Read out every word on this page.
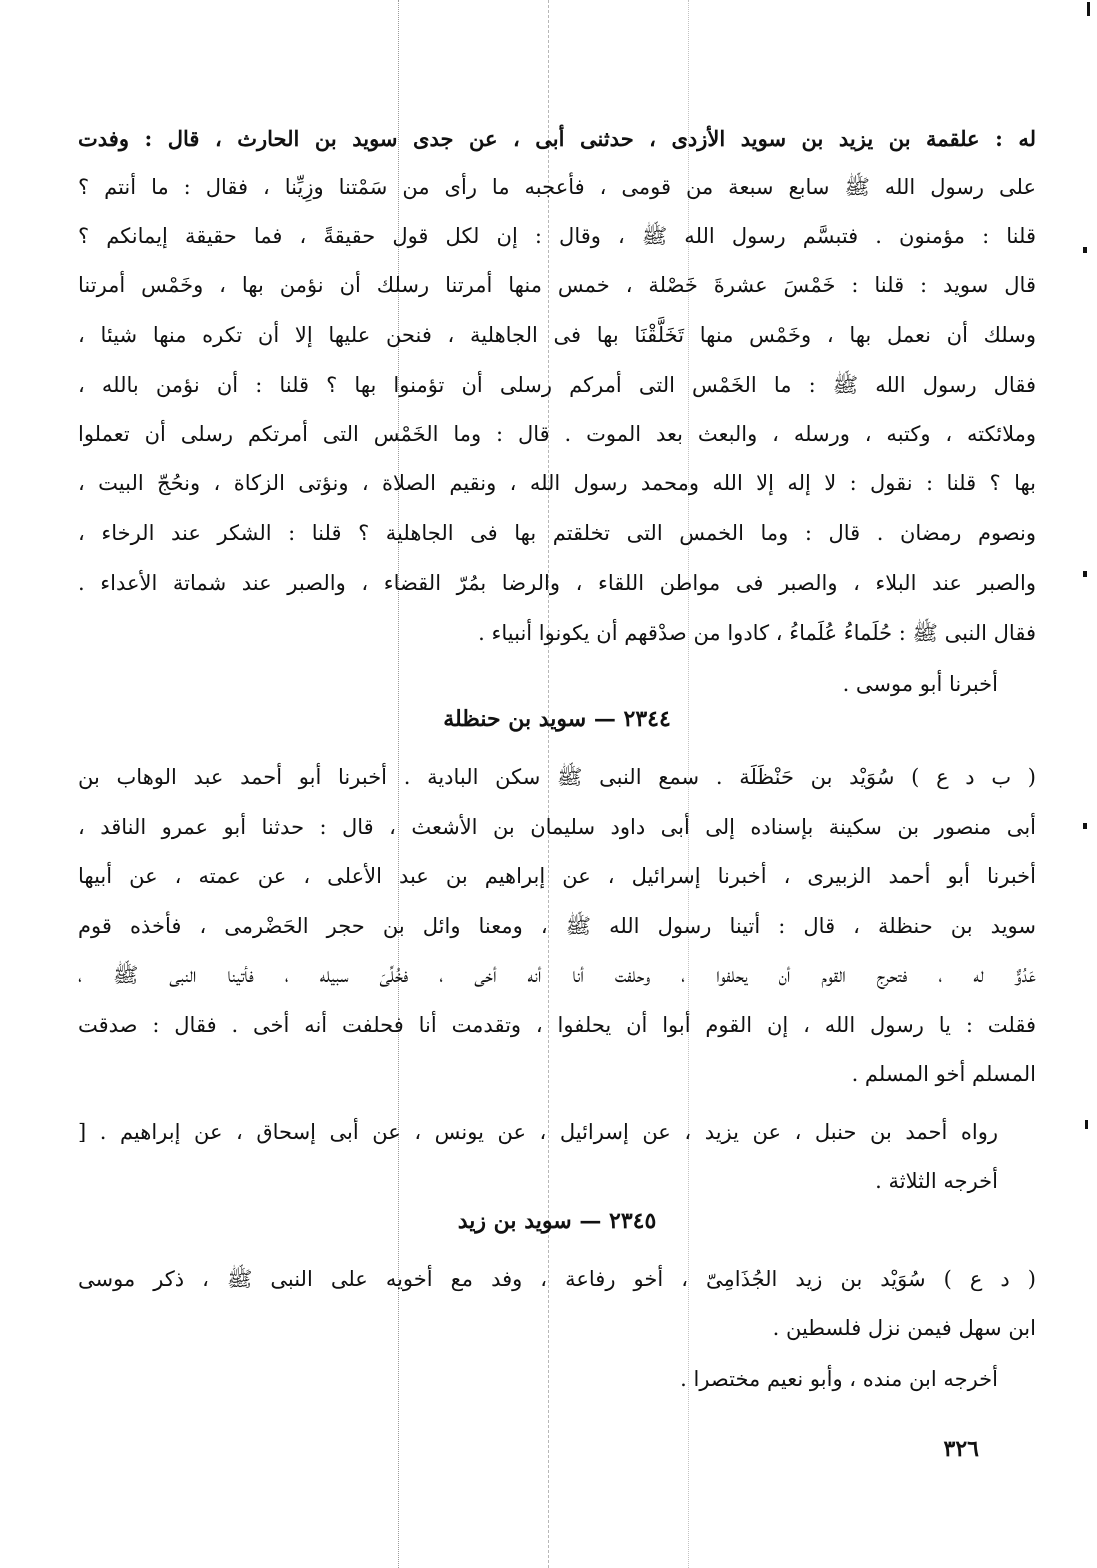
له : علقمة بن يزيد بن سويد الأزدى ، حدثنى أبى ، عن جدى سويد بن الحارث ، قال : وفدت
على رسول الله ﷺ سابع سبعة من قومى ، فأعجبه ما رأى من سَمْتنا وزِيِّنا ، فقال : ما أنتم ؟
قلنا : مؤمنون . فتبسَّم رسول الله ﷺ ، وقال : إن لكل قول حقيقةً ، فما حقيقة إيمانكم ؟
قال سويد : قلنا : خَمْسَ عشرةَ خَصْلة ، خمس منها أمرتنا رسلك أن نؤمن بها ، وخَمْس أمرتنا
وسلك أن نعمل بها ، وخَمْس منها تَخَلَّقْنَا بها فى الجاهلية ، فنحن عليها إلا أن تكره منها شيئا ،
فقال رسول الله ﷺ : ما الخَمْس التى أمركم رسلى أن تؤمنوا بها ؟ قلنا : أن نؤمن بالله ،
وملائكته ، وكتبه ، ورسله ، والبعث بعد الموت . قال : وما الخَمْس التى أمرتكم رسلى أن تعملوا
بها ؟ قلنا : نقول : لا إله إلا الله ومحمد رسول الله ، ونقيم الصلاة ، ونؤتى الزكاة ، ونحُجّ البيت ،
ونصوم رمضان . قال : وما الخمس التى تخلقتم بها فى الجاهلية ؟ قلنا : الشكر عند الرخاء ،
والصبر عند البلاء ، والصبر فى مواطن اللقاء ، والرضا بمُرّ القضاء ، والصبر عند شماتة الأعداء .
فقال النبى ﷺ : حُلَماءُ عُلَماءُ ، كادوا من صدْقهم أن يكونوا أنبياء .
أخبرنا أبو موسى .
٢٣٤٤ — سويد بن حنظلة
( ب د ع ) سُوَيْد بن حَنْظَلَة . سمع النبى ﷺ سكن البادية . أخبرنا أبو أحمد عبد الوهاب بن
أبى منصور بن سكينة بإسناده إلى أبى داود سليمان بن الأشعث ، قال : حدثنا أبو عمرو الناقد ،
أخبرنا أبو أحمد الزبيرى ، أخبرنا إسرائيل ، عن إبراهيم بن عبد الأعلى ، عن عمته ، عن أبيها
سويد بن حنظلة ، قال : أتينا رسول الله ﷺ ، ومعنا وائل بن حجر الحَضْرمى ، فأخذه قوم
عَدُوٌّ له ، فتحرج القوم أن يحلفوا ، وحلفت أنا أنه أخى ، فخُلِّىَ سبيله ، فأتينا النبى ﷺ ،
فقلت : يا رسول الله ، إن القوم أبوا أن يحلفوا ، وتقدمت أنا فحلفت أنه أخى . فقال : صدقت
المسلم أخو المسلم .
رواه أحمد بن حنبل ، عن يزيد ، عن إسرائيل ، عن يونس ، عن أبى إسحاق ، عن إبراهيم . [
أخرجه الثلاثة .
٢٣٤٥ — سويد بن زيد
( د ع ) سُوَيْد بن زيد الجُذَامِىّ ، أخو رفاعة ، وفد مع أخويه على النبى ﷺ ، ذكر موسى
ابن سهل فيمن نزل فلسطين .
أخرجه ابن منده ، وأبو نعيم مختصرا .
٣٢٦
